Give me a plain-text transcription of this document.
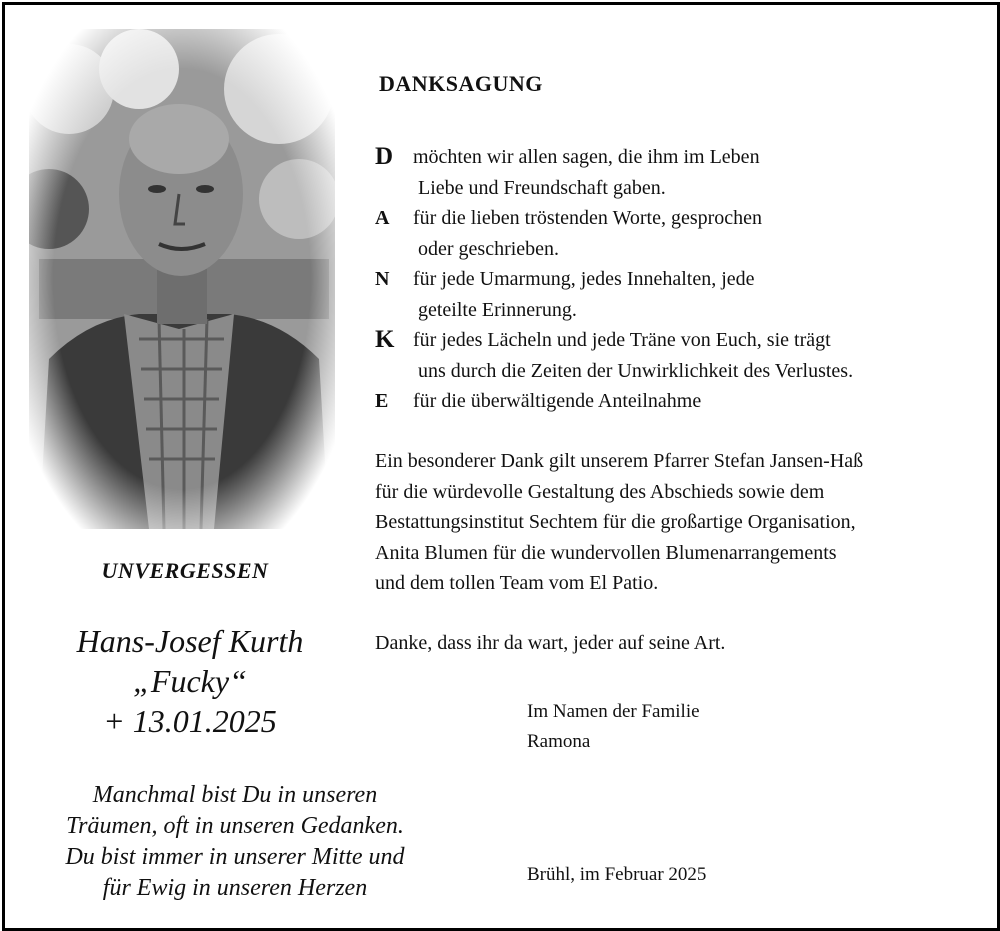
UNVERGESSEN
Hans-Josef Kurth
„Fucky“
+ 13.01.2025
Manchmal bist Du in unseren
Träumen, oft in unseren Gedanken.
Du bist immer in unserer Mitte und
für Ewig in unseren Herzen
DANKSAGUNG
D möchten wir allen sagen, die ihm im Leben
Liebe und Freundschaft gaben.
A für die lieben tröstenden Worte, gesprochen
oder geschrieben.
N für jede Umarmung, jedes Innehalten, jede
geteilte Erinnerung.
K für jedes Lächeln und jede Träne von Euch, sie trägt
uns durch die Zeiten der Unwirklichkeit des Verlustes.
E für die überwältigende Anteilnahme
Ein besonderer Dank gilt unserem Pfarrer Stefan Jansen-Haß
für die würdevolle Gestaltung des Abschieds sowie dem
Bestattungsinstitut Sechtem für die großartige Organisation,
Anita Blumen für die wundervollen Blumenarrangements
und dem tollen Team vom El Patio.
Danke, dass ihr da wart, jeder auf seine Art.
Im Namen der Familie
Ramona
Brühl, im Februar 2025
